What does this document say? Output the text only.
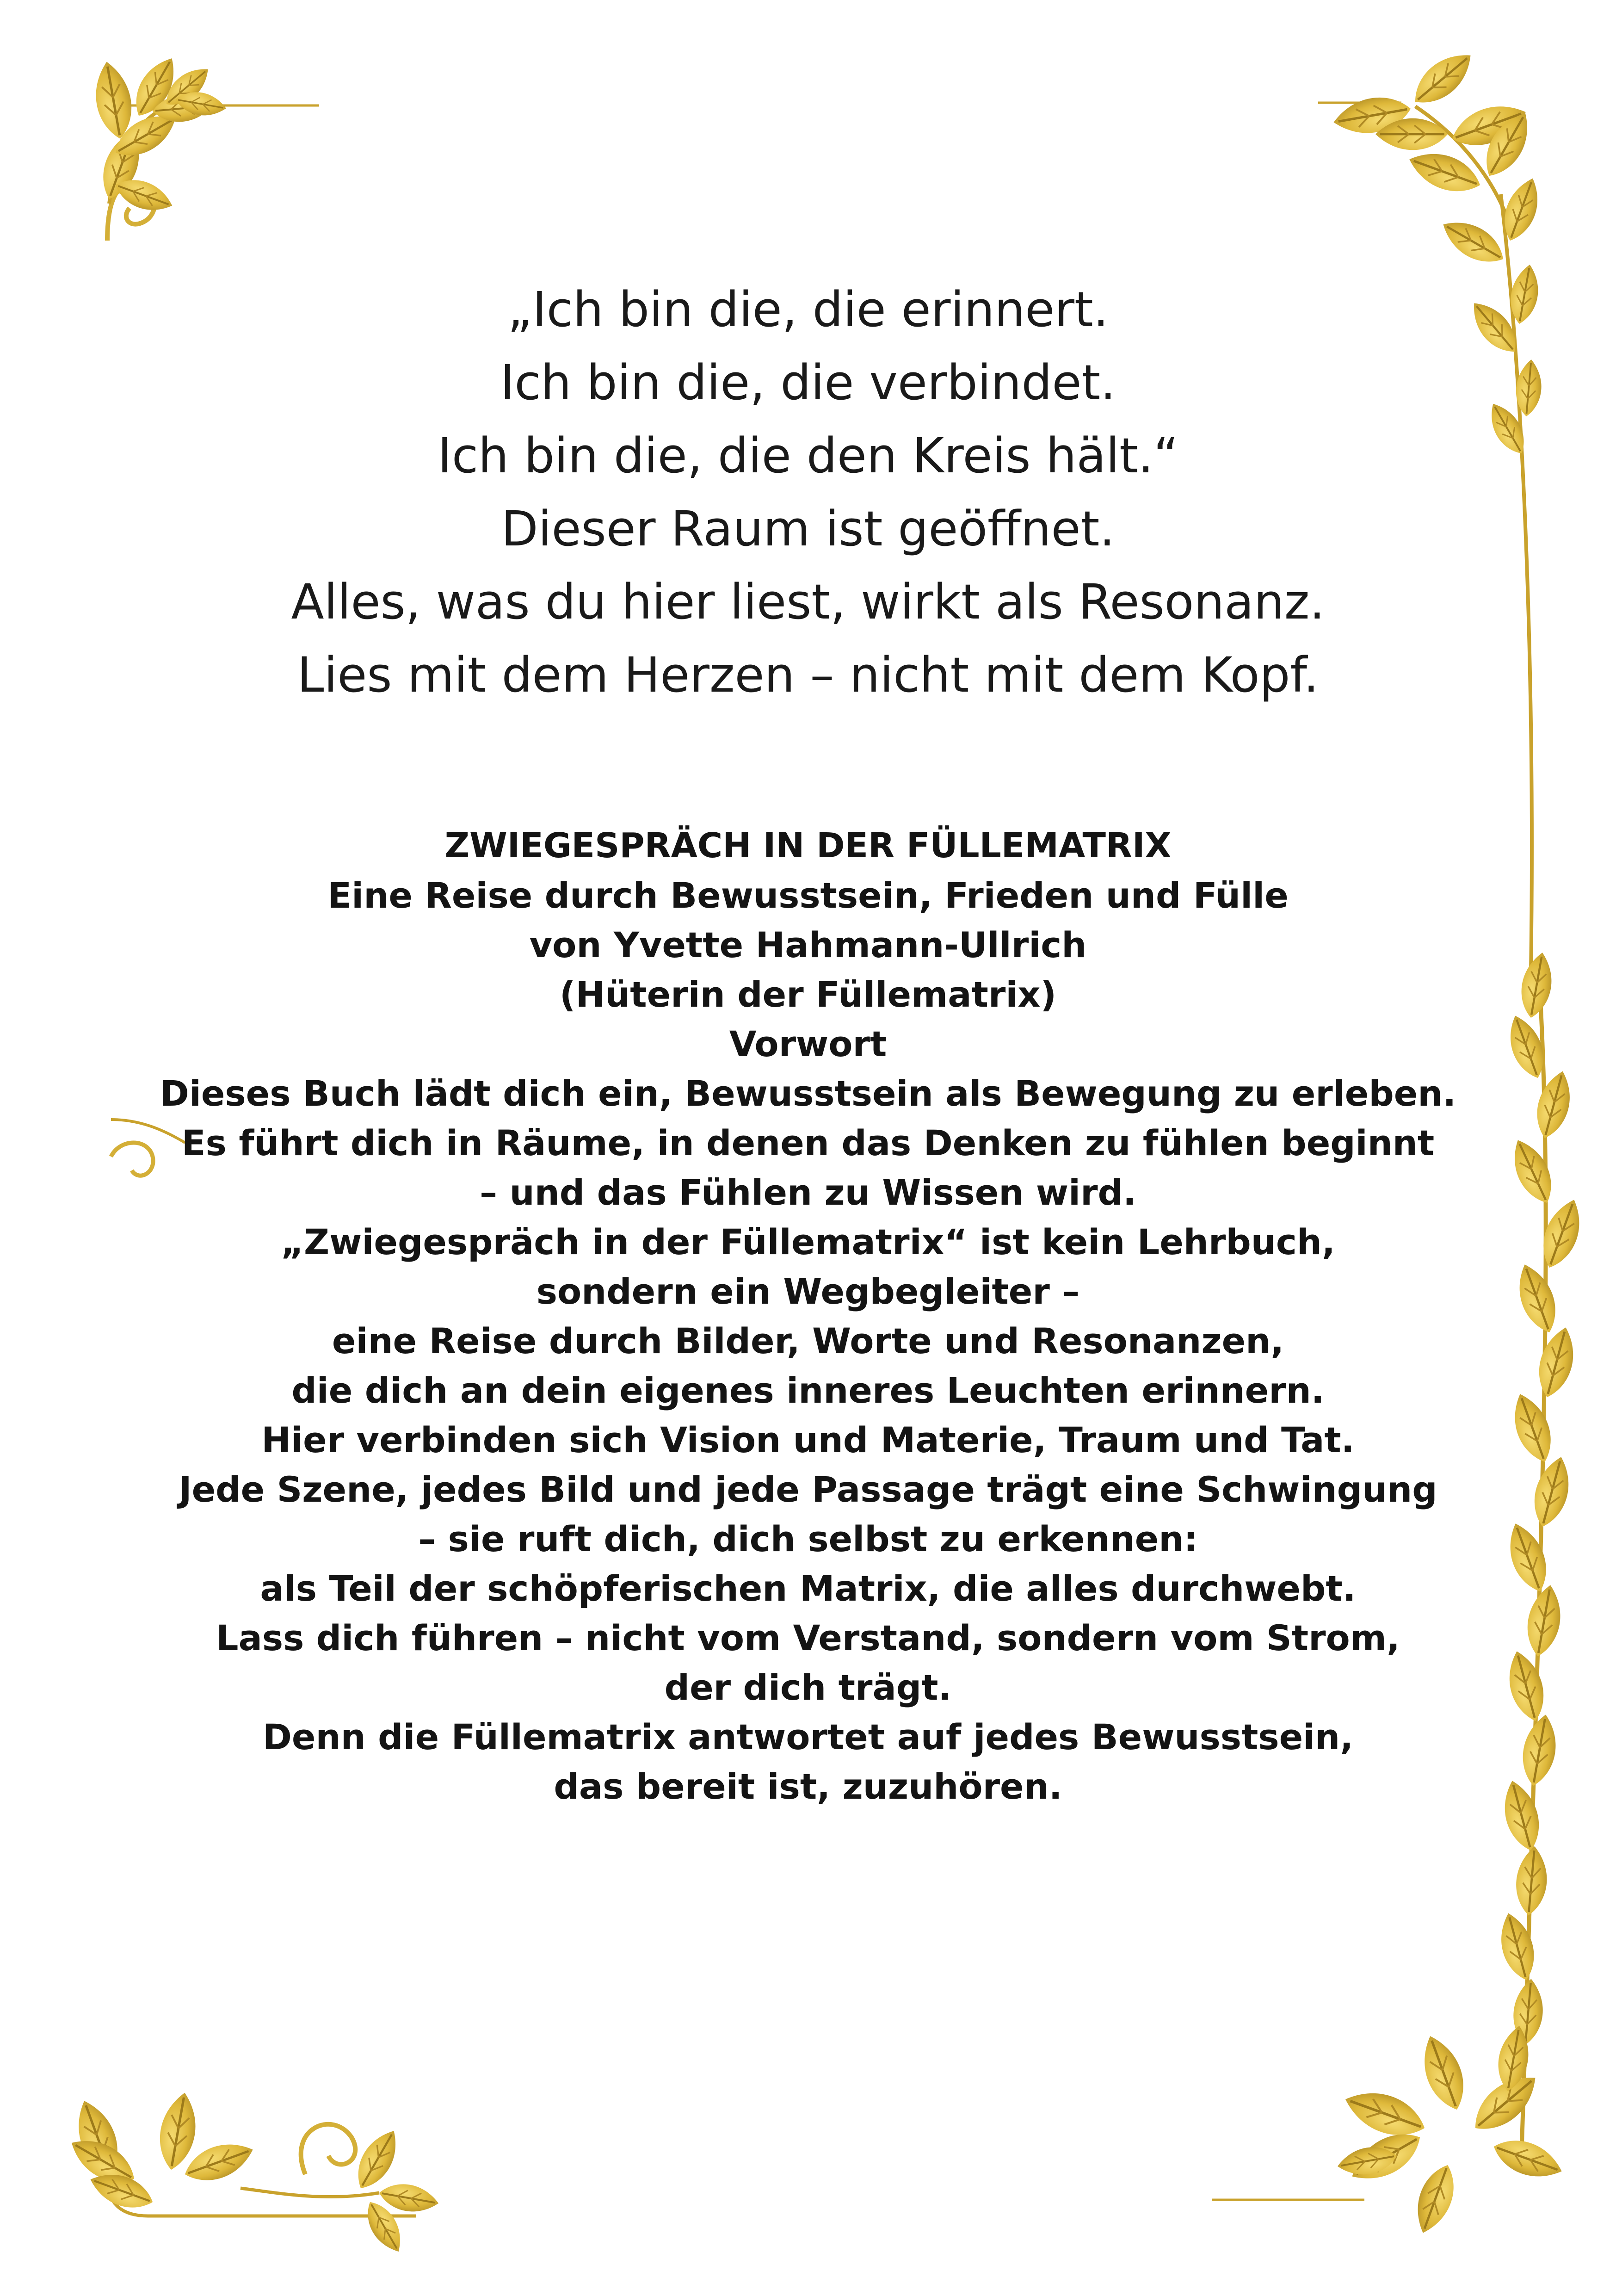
„Ich bin die, die erinnert.
Ich bin die, die verbindet.
Ich bin die, die den Kreis hält.“
Dieser Raum ist geöffnet.
Alles, was du hier liest, wirkt als Resonanz.
Lies mit dem Herzen – nicht mit dem Kopf.
ZWIEGESPRÄCH IN DER FÜLLEMATRIX
Eine Reise durch Bewusstsein, Frieden und Fülle
von Yvette Hahmann-Ullrich
(Hüterin der Füllematrix)
Vorwort
Dieses Buch lädt dich ein, Bewusstsein als Bewegung zu erleben.
Es führt dich in Räume, in denen das Denken zu fühlen beginnt
– und das Fühlen zu Wissen wird.
„Zwiegespräch in der Füllematrix“ ist kein Lehrbuch,
sondern ein Wegbegleiter –
eine Reise durch Bilder, Worte und Resonanzen,
die dich an dein eigenes inneres Leuchten erinnern.
Hier verbinden sich Vision und Materie, Traum und Tat.
Jede Szene, jedes Bild und jede Passage trägt eine Schwingung
– sie ruft dich, dich selbst zu erkennen:
als Teil der schöpferischen Matrix, die alles durchwebt.
Lass dich führen – nicht vom Verstand, sondern vom Strom,
der dich trägt.
Denn die Füllematrix antwortet auf jedes Bewusstsein,
das bereit ist, zuzuhören.
